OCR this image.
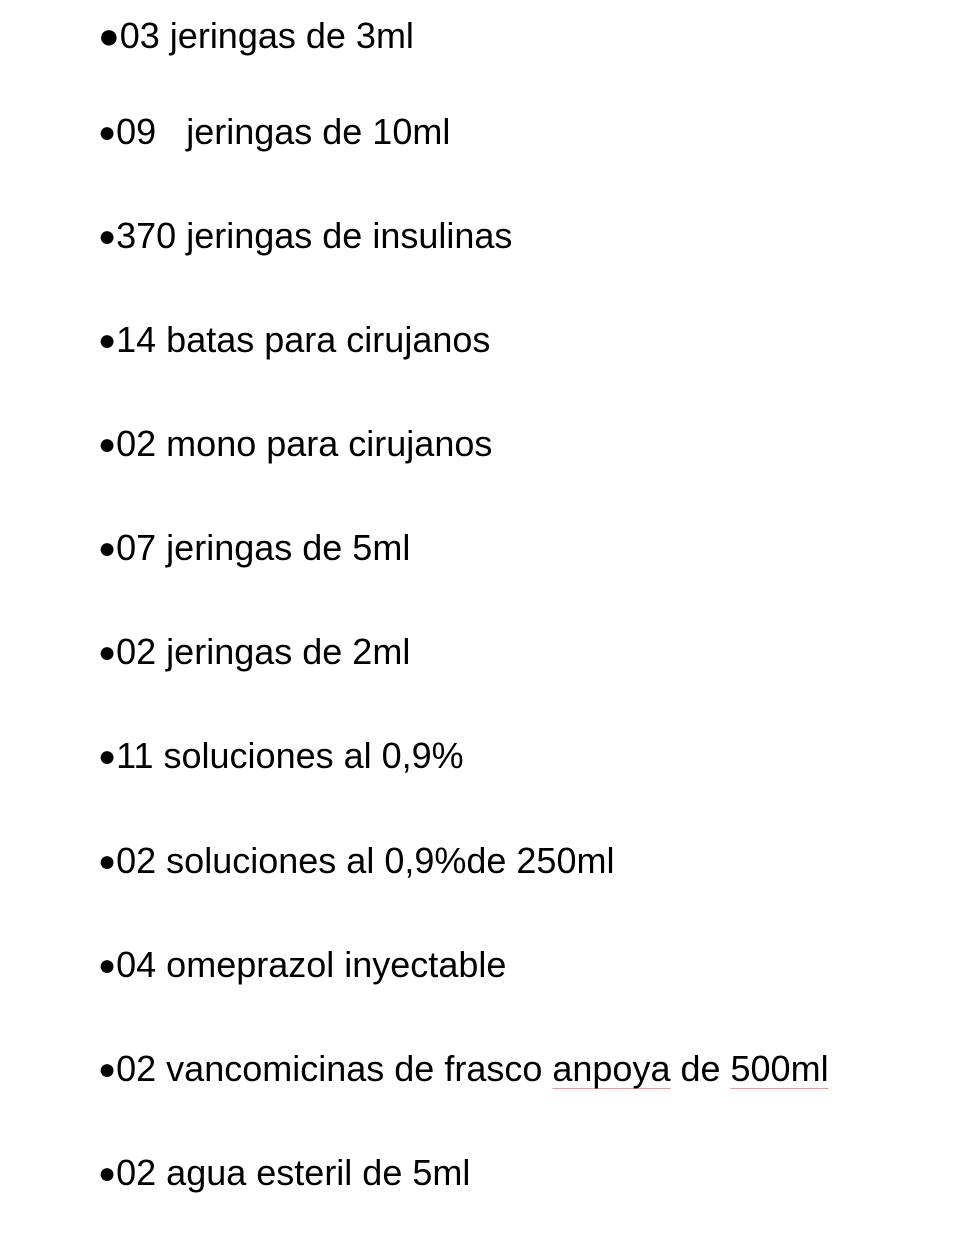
●03 jeringas de 3ml

●09   jeringas de 10ml

●370 jeringas de insulinas

●14 batas para cirujanos

●02 mono para cirujanos

●07 jeringas de 5ml

●02 jeringas de 2ml

●11 soluciones al 0,9%

●02 soluciones al 0,9%de 250ml

●04 omeprazol inyectable

●02 vancomicinas de frasco anpoya de 500ml

●02 agua esteril de 5ml
